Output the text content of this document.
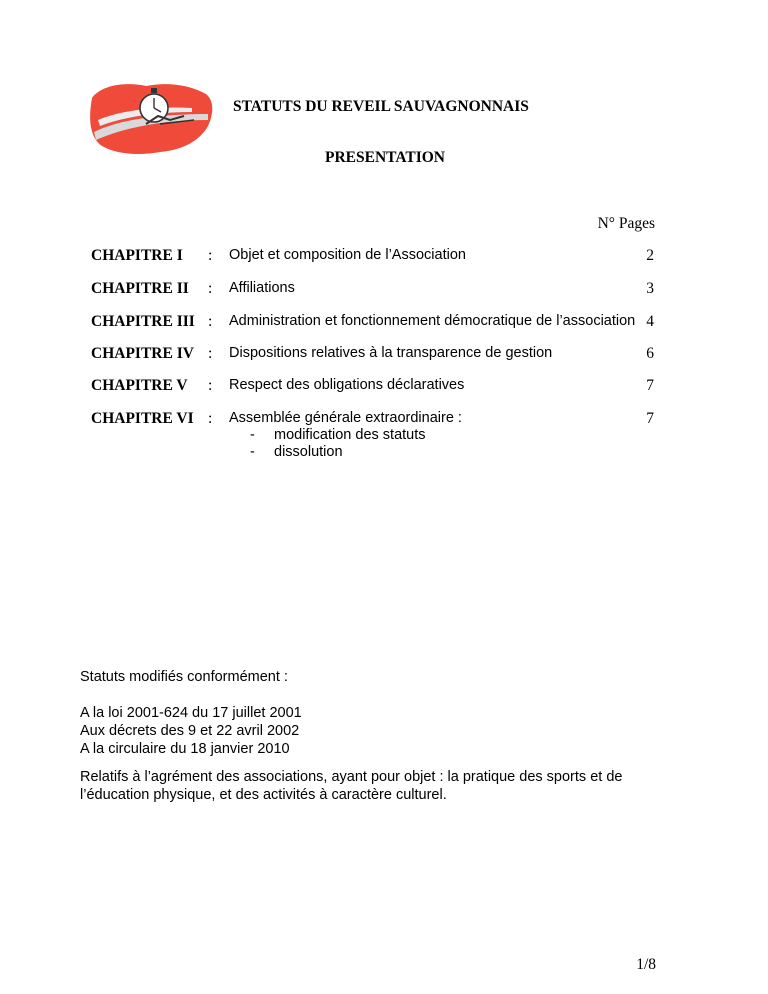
STATUTS DU REVEIL SAUVAGNONNAIS
PRESENTATION
N° Pages
CHAPITRE I : Objet et composition de l’Association	2
CHAPITRE II : Affiliations	3
CHAPITRE III : Administration et fonctionnement démocratique de l’association 4
CHAPITRE IV : Dispositions relatives à la transparence de gestion	6
CHAPITRE V : Respect des obligations déclaratives	7
CHAPITRE VI : Assemblée générale extraordinaire :	7
- modification des statuts
- dissolution
Statuts modifiés conformément :
A la loi 2001-624 du 17 juillet 2001
Aux décrets des 9 et 22 avril 2002
A la circulaire du 18 janvier 2010
Relatifs à l’agrément des associations, ayant pour objet : la pratique des sports et de
l’éducation physique, et des activités à caractère culturel.
1/8
